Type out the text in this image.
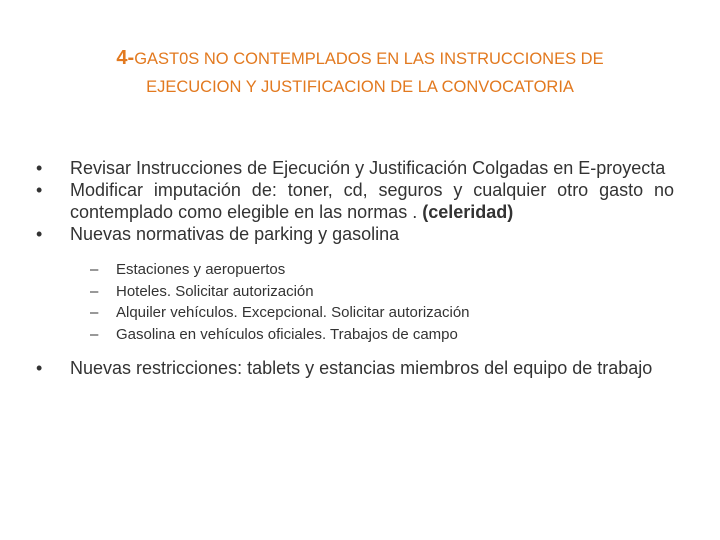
4-GAST0S NO CONTEMPLADOS EN LAS INSTRUCCIONES DE
EJECUCION Y JUSTIFICACION DE LA CONVOCATORIA
•	Revisar Instrucciones de Ejecución y Justificación Colgadas en E-proyecta
•	Modificar imputación de: toner, cd, seguros y cualquier otro gasto no contemplado como elegible en las normas . (celeridad)
•	Nuevas normativas de parking y gasolina
– Estaciones y aeropuertos
– Hoteles. Solicitar autorización
– Alquiler vehículos. Excepcional. Solicitar autorización
– Gasolina en vehículos oficiales. Trabajos de campo
•	Nuevas restricciones: tablets y estancias miembros del equipo de trabajo
